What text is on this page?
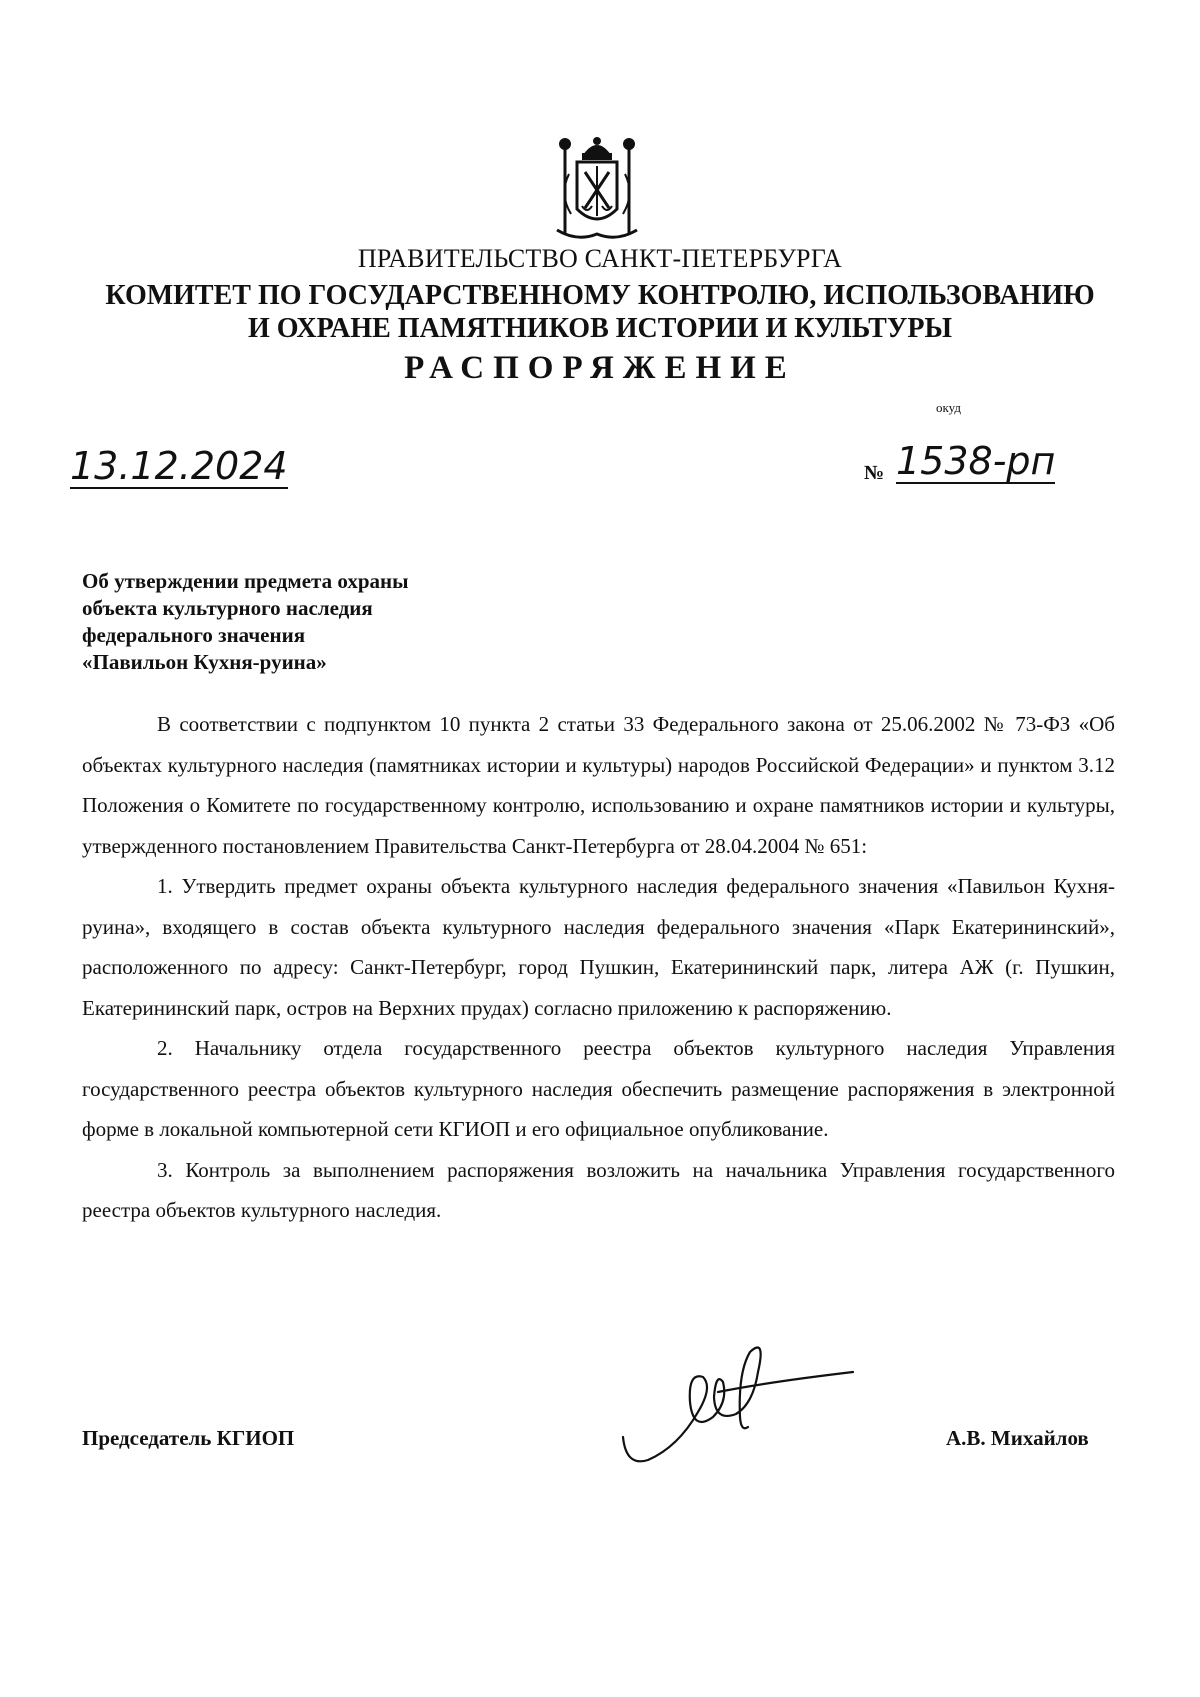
ПРАВИТЕЛЬСТВО САНКТ-ПЕТЕРБУРГА
КОМИТЕТ ПО ГОСУДАРСТВЕННОМУ КОНТРОЛЮ, ИСПОЛЬЗОВАНИЮ
И ОХРАНЕ ПАМЯТНИКОВ ИСТОРИИ И КУЛЬТУРЫ
РАСПОРЯЖЕНИЕ
окуд
13.12.2024	№ 1538-рп
Об утверждении предмета охраны
объекта культурного наследия
федерального значения
«Павильон Кухня-руина»

В соответствии с подпунктом 10 пункта 2 статьи 33 Федерального закона от 25.06.2002 № 73-ФЗ «Об объектах культурного наследия (памятниках истории и культуры) народов Российской Федерации» и пунктом 3.12 Положения о Комитете по государственному контролю, использованию и охране памятников истории и культуры, утвержденного постановлением Правительства Санкт-Петербурга от 28.04.2004 № 651:

1. Утвердить предмет охраны объекта культурного наследия федерального значения «Павильон Кухня-руина», входящего в состав объекта культурного наследия федерального значения «Парк Екатерининский», расположенного по адресу: Санкт-Петербург, город Пушкин, Екатерининский парк, литера АЖ (г. Пушкин, Екатерининский парк, остров на Верхних прудах) согласно приложению к распоряжению.

2. Начальнику отдела государственного реестра объектов культурного наследия Управления государственного реестра объектов культурного наследия обеспечить размещение распоряжения в электронной форме в локальной компьютерной сети КГИОП и его официальное опубликование.

3. Контроль за выполнением распоряжения возложить на начальника Управления государственного реестра объектов культурного наследия.

Председатель КГИОП	А.В. Михайлов
